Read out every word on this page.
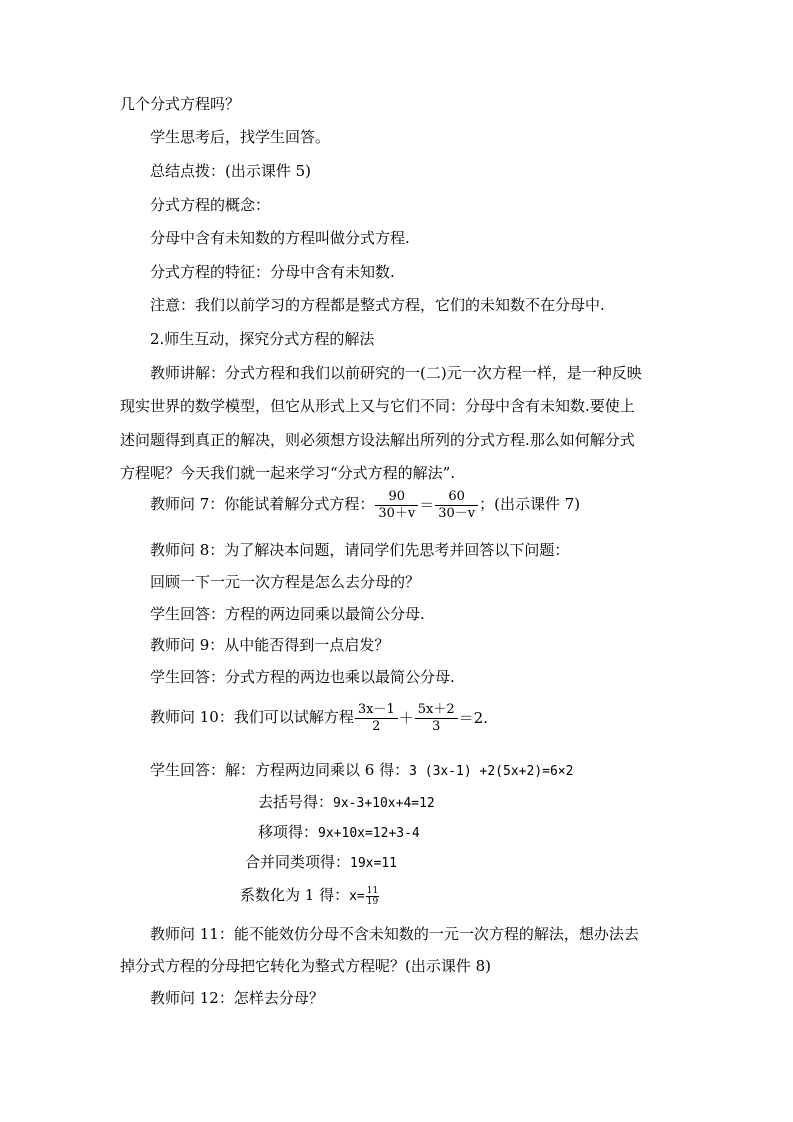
几个分式方程吗？
学生思考后，找学生回答。
总结点拨：(出示课件 5)
分式方程的概念：
分母中含有未知数的方程叫做分式方程.
分式方程的特征：分母中含有未知数.
注意：我们以前学习的方程都是整式方程，它们的未知数不在分母中.
2.师生互动，探究分式方程的解法
教师讲解：分式方程和我们以前研究的一(二)元一次方程一样，是一种反映
现实世界的数学模型，但它从形式上又与它们不同：分母中含有未知数.要使上
述问题得到真正的解决，则必须想方设法解出所列的分式方程.那么如何解分式
方程呢？今天我们就一起来学习“分式方程的解法”.
教师问 7：你能试着解分式方程： $\frac{90}{30+v} = \frac{60}{30-v}$ ；(出示课件 7)
教师问 8：为了解决本问题，请同学们先思考并回答以下问题：
回顾一下一元一次方程是怎么去分母的？
学生回答：方程的两边同乘以最简公分母.
教师问 9：从中能否得到一点启发？
学生回答：分式方程的两边也乘以最简公分母.
教师问 10：我们可以试解方程 $\frac{3x-1}{2} + \frac{5x+2}{3} =2$.
学生回答：解：方程两边同乘以 6 得：3 (3x-1) +2(5x+2)=6×2
去括号得：9x-3+10x+4=12
移项得：9x+10x=12+3-4
合并同类项得：19x=11
系数化为 1 得：$x= \frac{11}{19}$
教师问 11：能不能效仿分母不含未知数的一元一次方程的解法，想办法去
掉分式方程的分母把它转化为整式方程呢？(出示课件 8)
教师问 12：怎样去分母？
